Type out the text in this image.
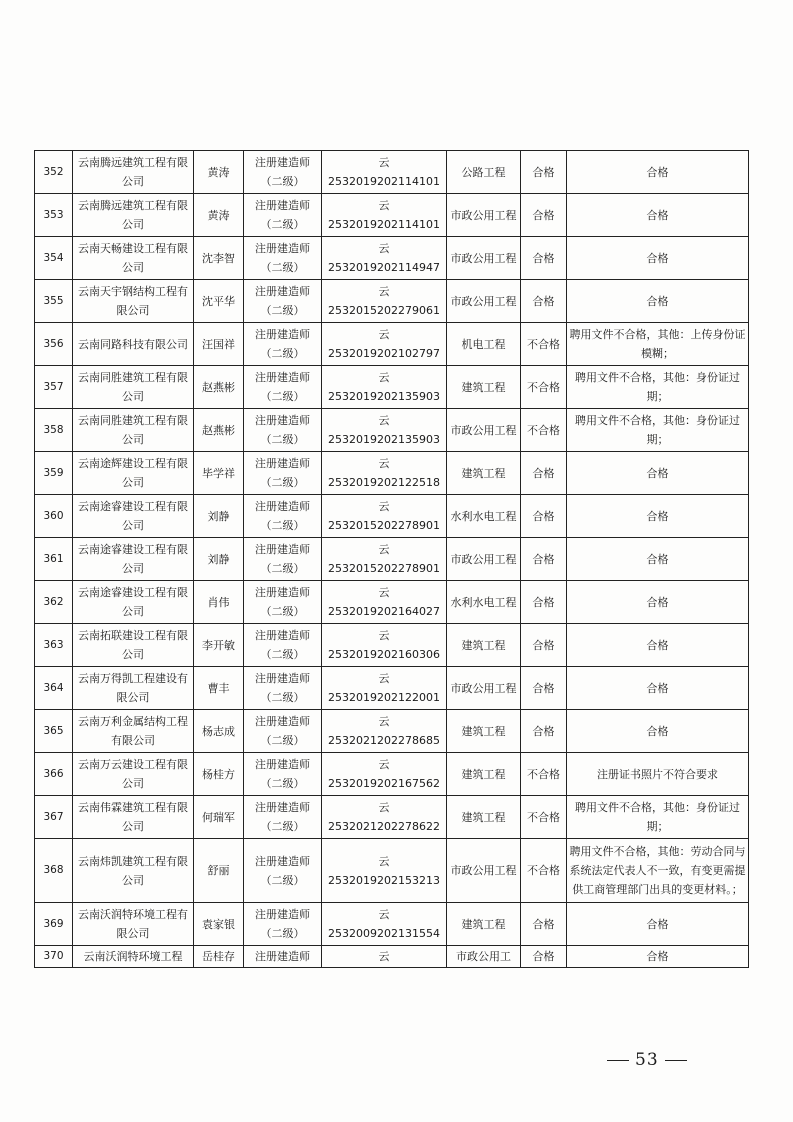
352	云南腾远建筑工程有限公司	黄涛	注册建造师（二级）	云2532019202114101	公路工程	合格	合格
353	云南腾远建筑工程有限公司	黄涛	注册建造师（二级）	云2532019202114101	市政公用工程	合格	合格
354	云南天畅建设工程有限公司	沈李智	注册建造师（二级）	云2532019202114947	市政公用工程	合格	合格
355	云南天宇钢结构工程有限公司	沈平华	注册建造师（二级）	云2532015202279061	市政公用工程	合格	合格
356	云南同路科技有限公司	汪国祥	注册建造师（二级）	云2532019202102797	机电工程	不合格	聘用文件不合格，其他：上传身份证模糊；
357	云南同胜建筑工程有限公司	赵燕彬	注册建造师（二级）	云2532019202135903	建筑工程	不合格	聘用文件不合格，其他：身份证过期；
358	云南同胜建筑工程有限公司	赵燕彬	注册建造师（二级）	云2532019202135903	市政公用工程	不合格	聘用文件不合格，其他：身份证过期；
359	云南途辉建设工程有限公司	毕学祥	注册建造师（二级）	云2532019202122518	建筑工程	合格	合格
360	云南途睿建设工程有限公司	刘静	注册建造师（二级）	云2532015202278901	水利水电工程	合格	合格
361	云南途睿建设工程有限公司	刘静	注册建造师（二级）	云2532015202278901	市政公用工程	合格	合格
362	云南途睿建设工程有限公司	肖伟	注册建造师（二级）	云2532019202164027	水利水电工程	合格	合格
363	云南拓联建设工程有限公司	李开敏	注册建造师（二级）	云2532019202160306	建筑工程	合格	合格
364	云南万得凯工程建设有限公司	曹丰	注册建造师（二级）	云2532019202122001	市政公用工程	合格	合格
365	云南万利金属结构工程有限公司	杨志成	注册建造师（二级）	云2532021202278685	建筑工程	合格	合格
366	云南万云建设工程有限公司	杨桂方	注册建造师（二级）	云2532019202167562	建筑工程	不合格	注册证书照片不符合要求
367	云南伟霖建筑工程有限公司	何瑞军	注册建造师（二级）	云2532021202278622	建筑工程	不合格	聘用文件不合格，其他：身份证过期；
368	云南炜凯建筑工程有限公司	舒丽	注册建造师（二级）	云2532019202153213	市政公用工程	不合格	聘用文件不合格，其他：劳动合同与系统法定代表人不一致，有变更需提供工商管理部门出具的变更材料。；
369	云南沃润特环境工程有限公司	袁家银	注册建造师（二级）	云2532009202131554	建筑工程	合格	合格
370	云南沃润特环境工程	岳桂存	注册建造师	云	市政公用工	合格	合格
53
